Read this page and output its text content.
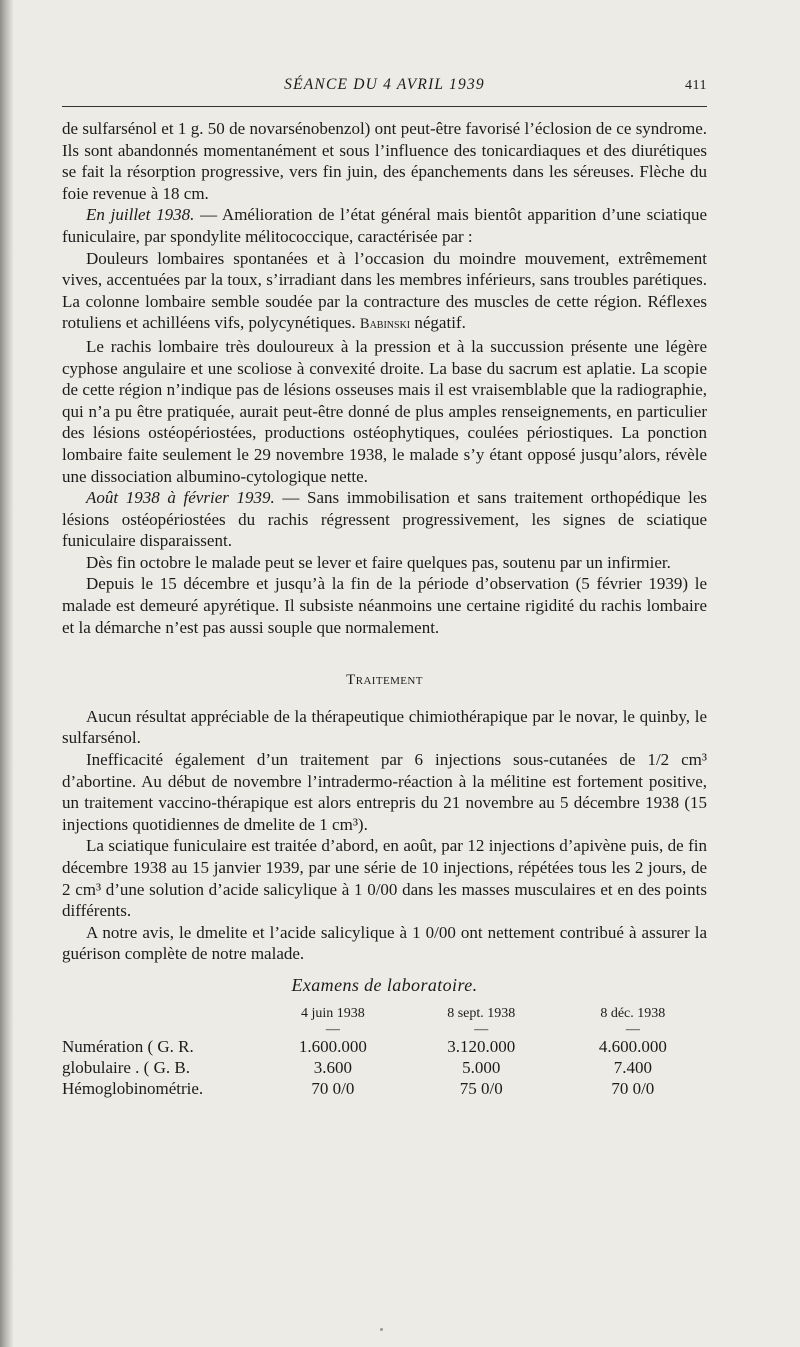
SÉANCE DU 4 AVRIL 1939	411

de sulfarsénol et 1 g. 50 de novarsénobenzol) ont peut-être favorisé l’éclosion de ce syndrome. Ils sont abandonnés momentanément et sous l’influence des tonicardiaques et des diurétiques se fait la résorption progressive, vers fin juin, des épanchements dans les séreuses. Flèche du foie revenue à 18 cm.

En juillet 1938. — Amélioration de l’état général mais bientôt apparition d’une sciatique funiculaire, par spondylite mélitococcique, caractérisée par :

Douleurs lombaires spontanées et à l’occasion du moindre mouvement, extrêmement vives, accentuées par la toux, s’irradiant dans les membres inférieurs, sans troubles parétiques. La colonne lombaire semble soudée par la contracture des muscles de cette région. Réflexes rotuliens et achilléens vifs, polycynétiques. Babinski négatif.

Le rachis lombaire très douloureux à la pression et à la succussion présente une légère cyphose angulaire et une scoliose à convexité droite. La base du sacrum est aplatie. La scopie de cette région n’indique pas de lésions osseuses mais il est vraisemblable que la radiographie, qui n’a pu être pratiquée, aurait peut-être donné de plus amples renseignements, en particulier des lésions ostéopériostées, productions ostéophytiques, coulées périostiques. La ponction lombaire faite seulement le 29 novembre 1938, le malade s’y étant opposé jusqu’alors, révèle une dissociation albumino-cytologique nette.

Août 1938 à février 1939. — Sans immobilisation et sans traitement orthopédique les lésions ostéopériostées du rachis régressent progressivement, les signes de sciatique funiculaire disparaissent.

Dès fin octobre le malade peut se lever et faire quelques pas, soutenu par un infirmier.

Depuis le 15 décembre et jusqu’à la fin de la période d’observation (5 février 1939) le malade est demeuré apyrétique. Il subsiste néanmoins une certaine rigidité du rachis lombaire et la démarche n’est pas aussi souple que normalement.

Traitement

Aucun résultat appréciable de la thérapeutique chimiothérapique par le novar, le quinby, le sulfarsénol.

Inefficacité également d’un traitement par 6 injections sous-cutanées de 1/2 cm³ d’abortine. Au début de novembre l’intradermo-réaction à la mélitine est fortement positive, un traitement vaccino-thérapique est alors entrepris du 21 novembre au 5 décembre 1938 (15 injections quotidiennes de dmelite de 1 cm³).

La sciatique funiculaire est traitée d’abord, en août, par 12 injections d’apivène puis, de fin décembre 1938 au 15 janvier 1939, par une série de 10 injections, répétées tous les 2 jours, de 2 cm³ d’une solution d’acide salicylique à 1 0/00 dans les masses musculaires et en des points différents.

A notre avis, le dmelite et l’acide salicylique à 1 0/00 ont nettement contribué à assurer la guérison complète de notre malade.

Examens de laboratoire.
	4 juin 1938	8 sept. 1938	8 déc. 1938
	—	—	—
Numération ( G. R.	1.600.000	3.120.000	4.600.000
globulaire . ( G. B.	3.600	5.000	7.400
Hémoglobinométrie.	70 0/0	75 0/0	70 0/0
